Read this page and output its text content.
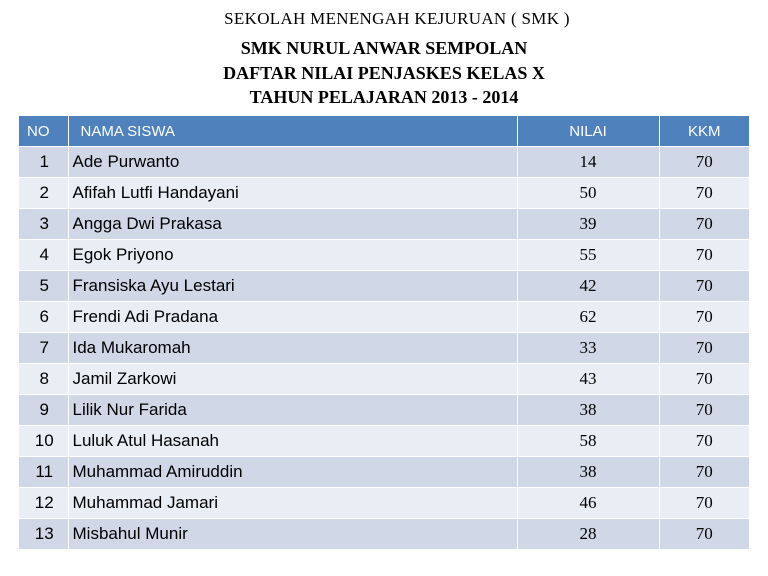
SEKOLAH MENENGAH KEJURUAN ( SMK )
SMK NURUL ANWAR SEMPOLAN
DAFTAR NILAI PENJASKES KELAS X
TAHUN PELAJARAN 2013 - 2014
NO	NAMA SISWA	NILAI	KKM
1	Ade Purwanto	14	70
2	Afifah Lutfi Handayani	50	70
3	Angga Dwi Prakasa	39	70
4	Egok Priyono	55	70
5	Fransiska Ayu Lestari	42	70
6	Frendi Adi Pradana	62	70
7	Ida Mukaromah	33	70
8	Jamil Zarkowi	43	70
9	Lilik Nur Farida	38	70
10	Luluk Atul Hasanah	58	70
11	Muhammad Amiruddin	38	70
12	Muhammad Jamari	46	70
13	Misbahul Munir	28	70
